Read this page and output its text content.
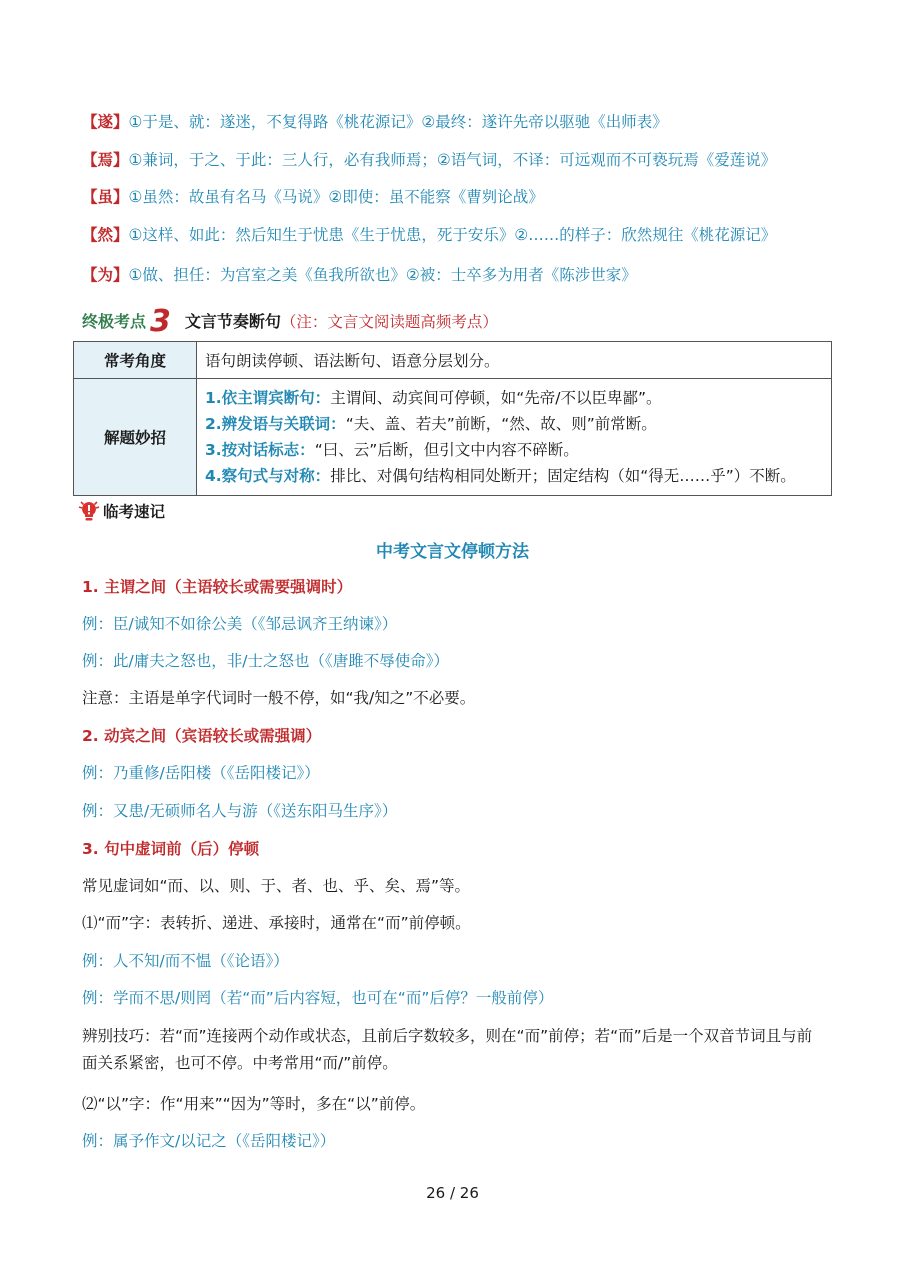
【遂】①于是、就：遂迷，不复得路《桃花源记》②最终：遂许先帝以驱驰《出师表》
【焉】①兼词，于之、于此：三人行，必有我师焉；②语气词，不译：可远观而不可亵玩焉《爱莲说》
【虽】①虽然：故虽有名马《马说》②即使：虽不能察《曹刿论战》
【然】①这样、如此：然后知生于忧患《生于忧患，死于安乐》②……的样子：欣然规往《桃花源记》
【为】①做、担任：为宫室之美《鱼我所欲也》②被：士卒多为用者《陈涉世家》
终极考点 3 文言节奏断句（注：文言文阅读题高频考点）
常考角度	语句朗读停顿、语法断句、语意分层划分。
解题妙招	1.依主谓宾断句：主谓间、动宾间可停顿，如“先帝/不以臣卑鄙”。
2.辨发语与关联词：“夫、盖、若夫”前断，“然、故、则”前常断。
3.按对话标志：“曰、云”后断，但引文中内容不碎断。
4.察句式与对称：排比、对偶句结构相同处断开；固定结构（如“得无……乎”）不断。
临考速记
中考文言文停顿方法
1. 主谓之间（主语较长或需要强调时）
例：臣/诚知不如徐公美（《邹忌讽齐王纳谏》）
例：此/庸夫之怒也，非/士之怒也（《唐雎不辱使命》）
注意：主语是单字代词时一般不停，如“我/知之”不必要。
2. 动宾之间（宾语较长或需强调）
例：乃重修/岳阳楼（《岳阳楼记》）
例：又患/无硕师名人与游（《送东阳马生序》）
3. 句中虚词前（后）停顿
常见虚词如“而、以、则、于、者、也、乎、矣、焉”等。
⑴“而”字：表转折、递进、承接时，通常在“而”前停顿。
例：人不知/而不愠（《论语》）
例：学而不思/则罔（若“而”后内容短，也可在“而”后停？一般前停）
辨别技巧：若“而”连接两个动作或状态，且前后字数较多，则在“而”前停；若“而”后是一个双音节词且与前
面关系紧密，也可不停。中考常用“而/”前停。
⑵“以”字：作“用来”“因为”等时，多在“以”前停。
例：属予作文/以记之（《岳阳楼记》）
26 / 26
